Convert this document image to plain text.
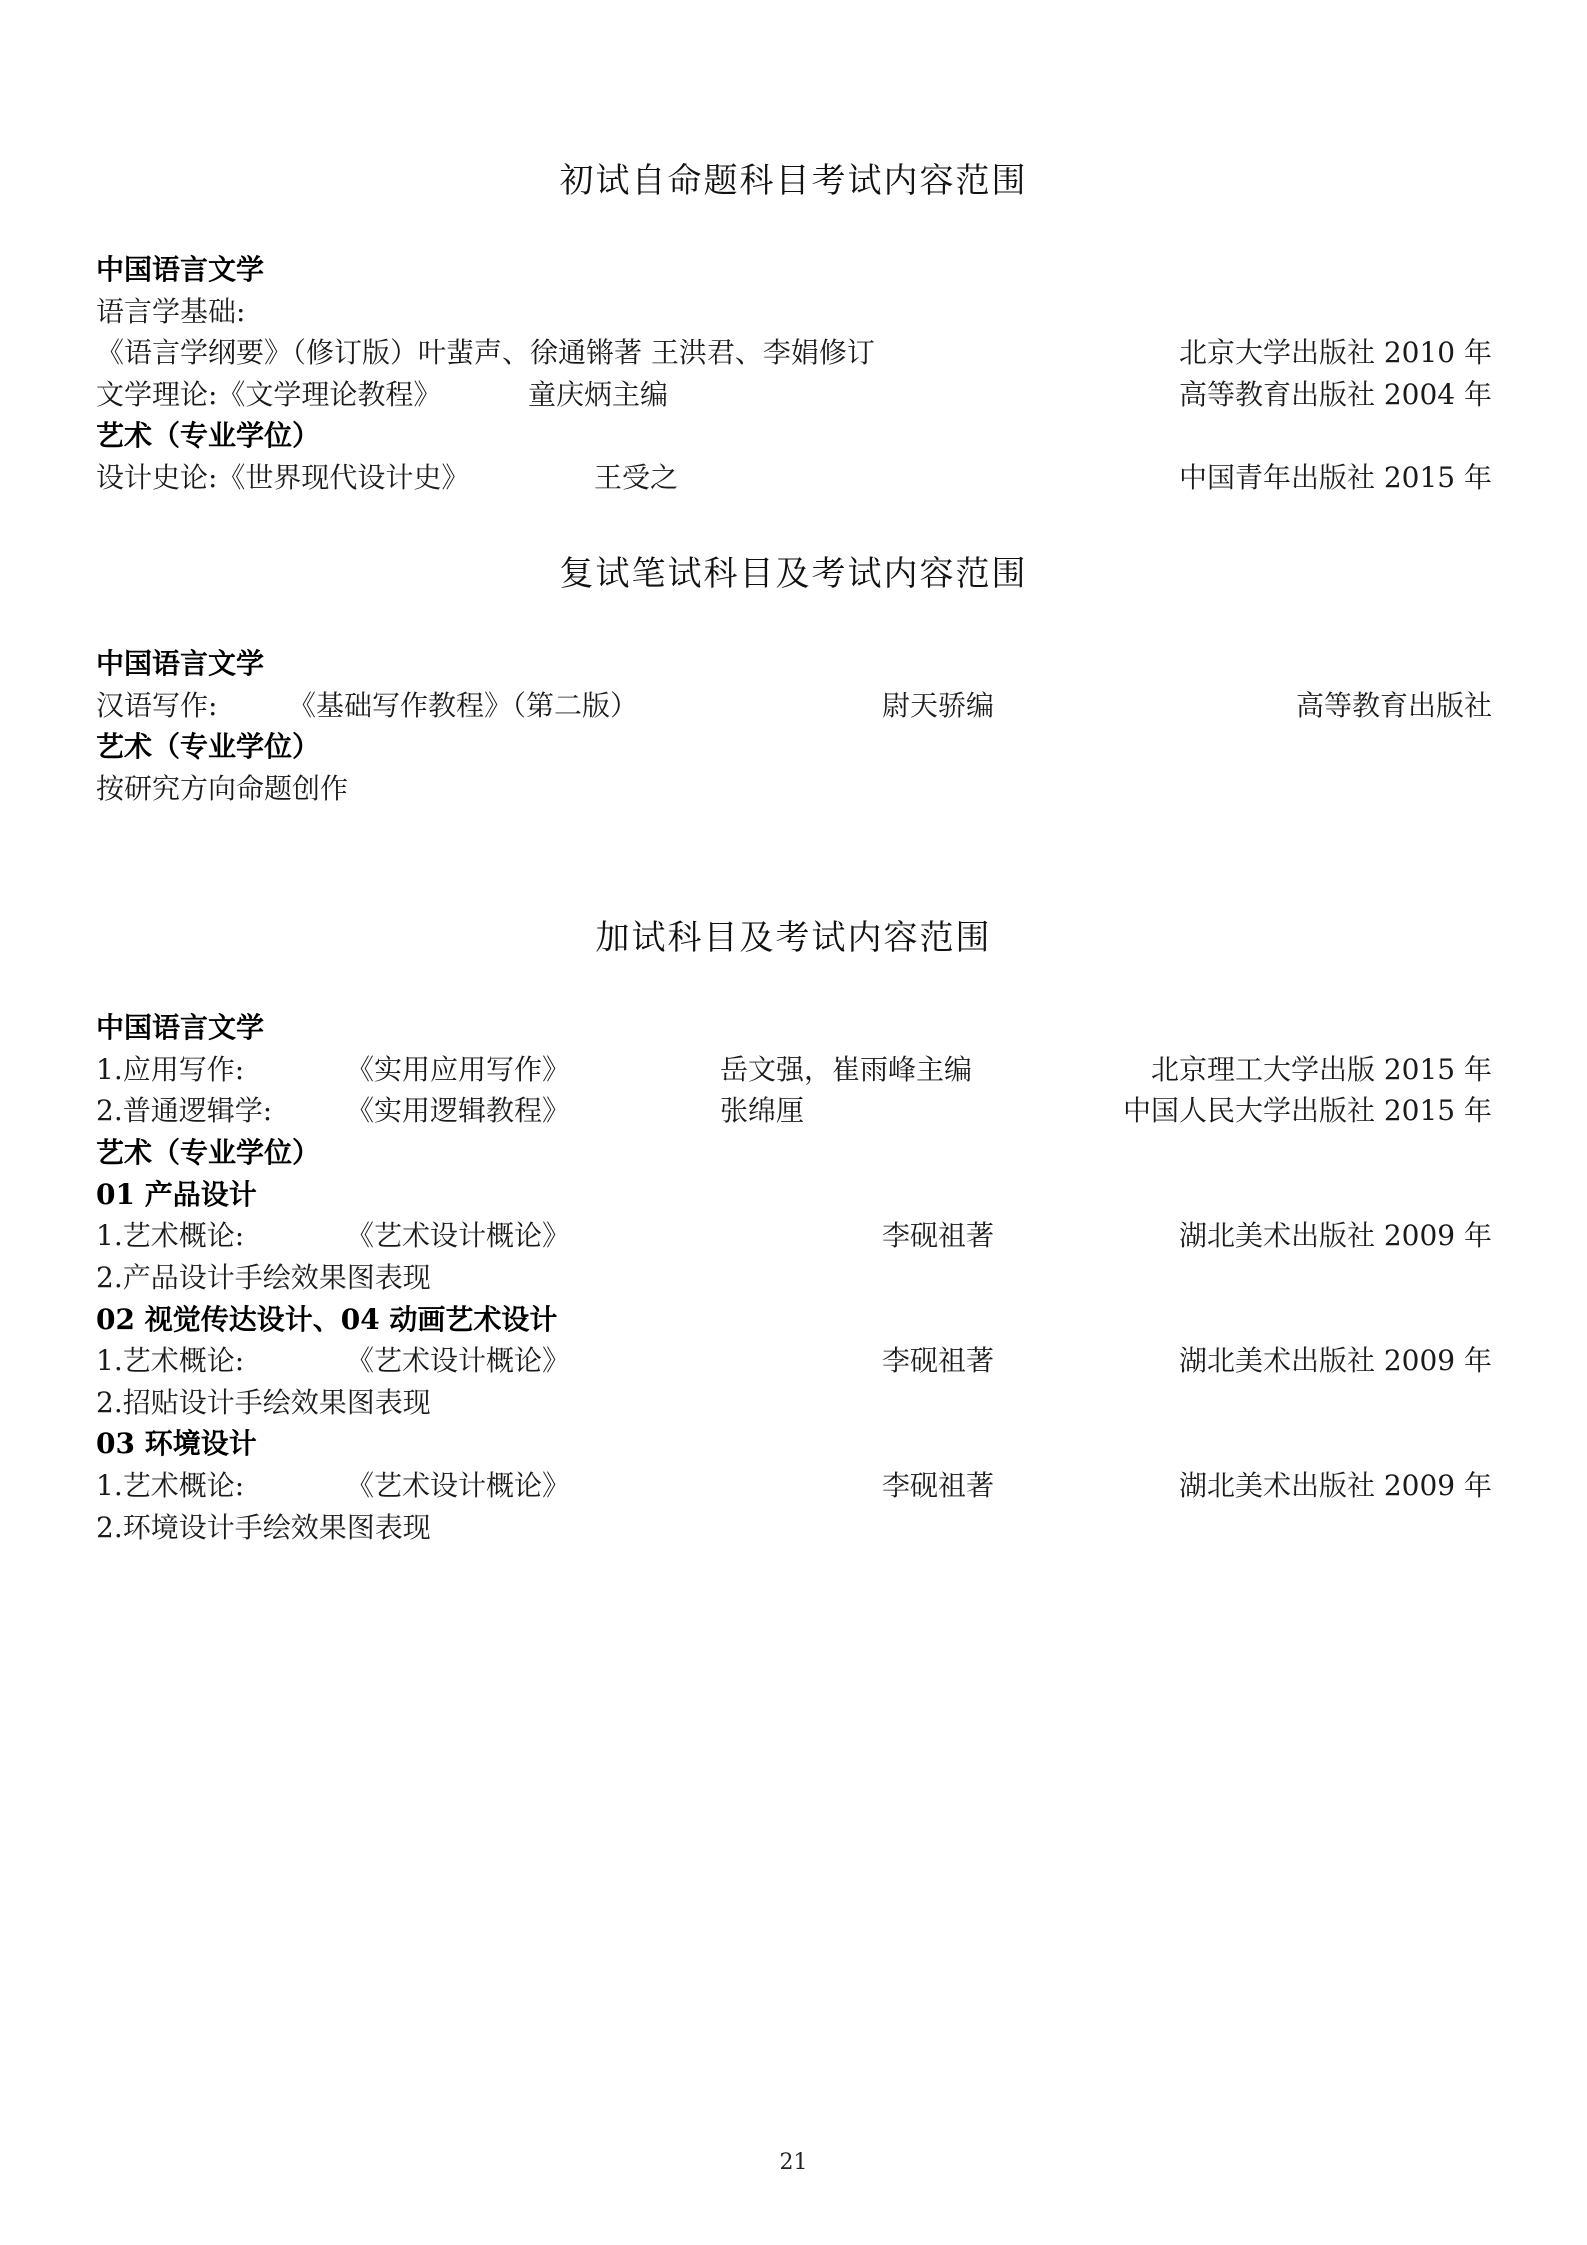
初试自命题科目考试内容范围
中国语言文学
语言学基础:
《语言学纲要》（修订版）叶蜚声、徐通锵著 王洪君、李娟修订	北京大学出版社 2010 年
文学理论:《文学理论教程》	童庆炳主编	高等教育出版社 2004 年
艺术（专业学位）
设计史论:《世界现代设计史》	王受之	中国青年出版社 2015 年
复试笔试科目及考试内容范围
中国语言文学
汉语写作:	《基础写作教程》（第二版）	尉天骄编	高等教育出版社
艺术（专业学位）
按研究方向命题创作
加试科目及考试内容范围
中国语言文学
1.应用写作:	《实用应用写作》	岳文强，崔雨峰主编	北京理工大学出版 2015 年
2.普通逻辑学:	《实用逻辑教程》	张绵厘	中国人民大学出版社 2015 年
艺术（专业学位）
01 产品设计
1.艺术概论:	《艺术设计概论》	李砚祖著	湖北美术出版社 2009 年
2.产品设计手绘效果图表现
02 视觉传达设计、04 动画艺术设计
1.艺术概论:	《艺术设计概论》	李砚祖著	湖北美术出版社 2009 年
2.招贴设计手绘效果图表现
03 环境设计
1.艺术概论:	《艺术设计概论》	李砚祖著	湖北美术出版社 2009 年
2.环境设计手绘效果图表现
21
